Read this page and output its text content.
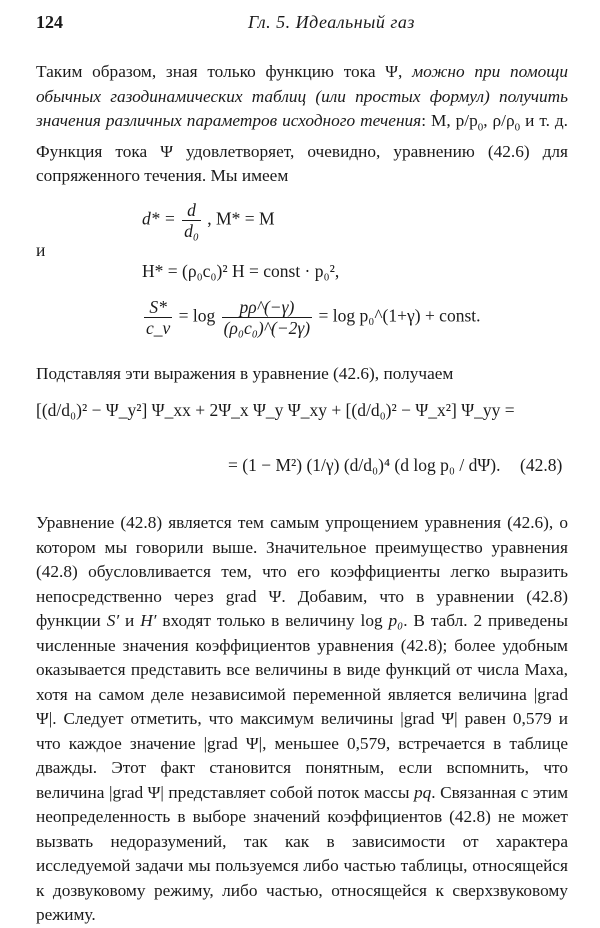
124	Гл. 5. Идеальный газ

Таким образом, зная только функцию тока Ψ, можно при помощи обычных газодинамических таблиц (или простых формул) получить значения различных параметров исходного течения: M, $p/p_0$, $\rho/\rho_0$ и т. д. Функция тока Ψ удовлетворяет, очевидно, уравнению (42.6) для сопряженного течения. Мы имеем

$d* = \frac{d}{\text{d₀}}$ , M* = M
и
H* = (ρ₀c₀)² H = const · p₀²,
$\frac{S*}{c\_v} = \log \frac{p\rho\^{}(-\gamma)}{\text{(ρ₀c₀)\textasciicircum{}(−2γ)}} = \log$ p₀^(1+γ) + const.

Подставляя эти выражения в уравнение (42.6), получаем

[(d/d₀)² − Ψ_y²] Ψ_xx + 2Ψ_x Ψ_y Ψ_xy + [(d/d₀)² − Ψ_x²] Ψ_yy =
= (1 − M²) (1/γ) (d/d₀)⁴ (d log p₀ / dΨ). (42.8)

Уравнение (42.8) является тем самым упрощением уравнения (42.6), о котором мы говорили выше. Значительное преимущество уравнения (42.8) обусловливается тем, что его коэффициенты легко выразить непосредственно через grad Ψ. Добавим, что в уравнении (42.8) функции S′ и H′ входят только в величину log p₀. В табл. 2 приведены численные значения коэффициентов уравнения (42.8); более удобным оказывается представить все величины в виде функций от числа Маха, хотя на самом деле независимой переменной является величина |grad Ψ|. Следует отметить, что максимум величины |grad Ψ| равен 0,579 и что каждое значение |grad Ψ|, меньшее 0,579, встречается в таблице дважды. Этот факт становится понятным, если вспомнить, что величина |grad Ψ| представляет собой поток массы pq. Связанная с этим неопределенность в выборе значений коэффициентов (42.8) не может вызвать недоразумений, так как в зависимости от характера исследуемой задачи мы пользуемся либо частью таблицы, относящейся к дозвуковому режиму, либо частью, относящейся к сверхзвуковому режиму.
